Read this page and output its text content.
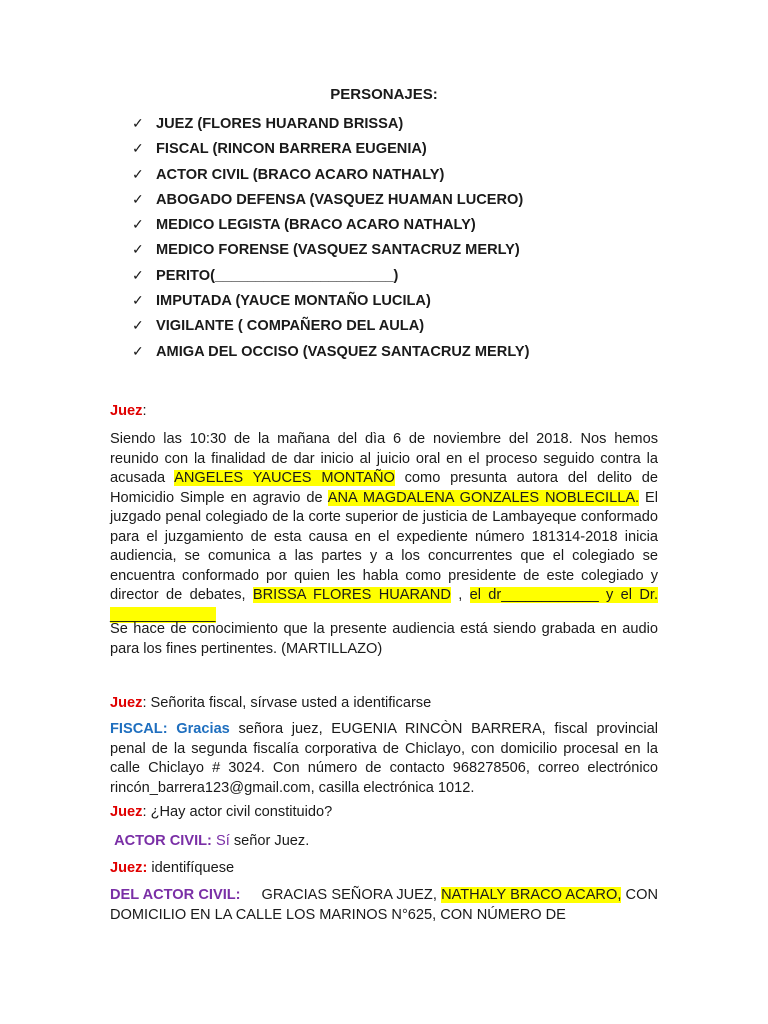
PERSONAJES:
✓ JUEZ (FLORES HUARAND BRISSA)
✓ FISCAL (RINCON BARRERA EUGENIA)
✓ ACTOR CIVIL (BRACO ACARO NATHALY)
✓ ABOGADO DEFENSA (VASQUEZ HUAMAN LUCERO)
✓ MEDICO LEGISTA (BRACO ACARO NATHALY)
✓ MEDICO FORENSE (VASQUEZ SANTACRUZ MERLY)
✓ PERITO(______________________)
✓ IMPUTADA (YAUCE MONTAÑO LUCILA)
✓ VIGILANTE ( COMPAÑERO DEL AULA)
✓ AMIGA DEL OCCISO (VASQUEZ SANTACRUZ MERLY)
Juez:

Siendo las 10:30 de la mañana del dìa 6 de noviembre del 2018. Nos hemos reunido con la finalidad de dar inicio al juicio oral en el proceso seguido contra la acusada ANGELES YAUCES MONTAÑO como presunta autora del delito de Homicidio Simple en agravio de ANA MAGDALENA GONZALES NOBLECILLA. El juzgado penal colegiado de la corte superior de justicia de Lambayeque conformado para el juzgamiento de esta causa en el expediente número 181314-2018 inicia audiencia, se comunica a las partes y a los concurrentes que el colegiado se encuentra conformado por quien les habla como presidente de este colegiado y director de debates, BRISSA FLORES HUARAND , el dr____________ y el Dr. _____________

Se hace de conocimiento que la presente audiencia está siendo grabada en audio para los fines pertinentes. (MARTILLAZO)

Juez: Señorita fiscal, sírvase usted a identificarse

FISCAL: Gracias señora juez, EUGENIA RINCÒN BARRERA, fiscal provincial penal de la segunda fiscalía corporativa de Chiclayo, con domicilio procesal en la calle Chiclayo # 3024. Con número de contacto 968278506, correo electrónico rincón_barrera123@gmail.com, casilla electrónica 1012.

Juez: ¿Hay actor civil constituido?

ACTOR CIVIL: Sí señor Juez.

Juez: identifíquese

DEL ACTOR CIVIL:     GRACIAS SEÑORA JUEZ, NATHALY BRACO ACARO, CON DOMICILIO EN LA CALLE LOS MARINOS N°625, CON NÚMERO DE
